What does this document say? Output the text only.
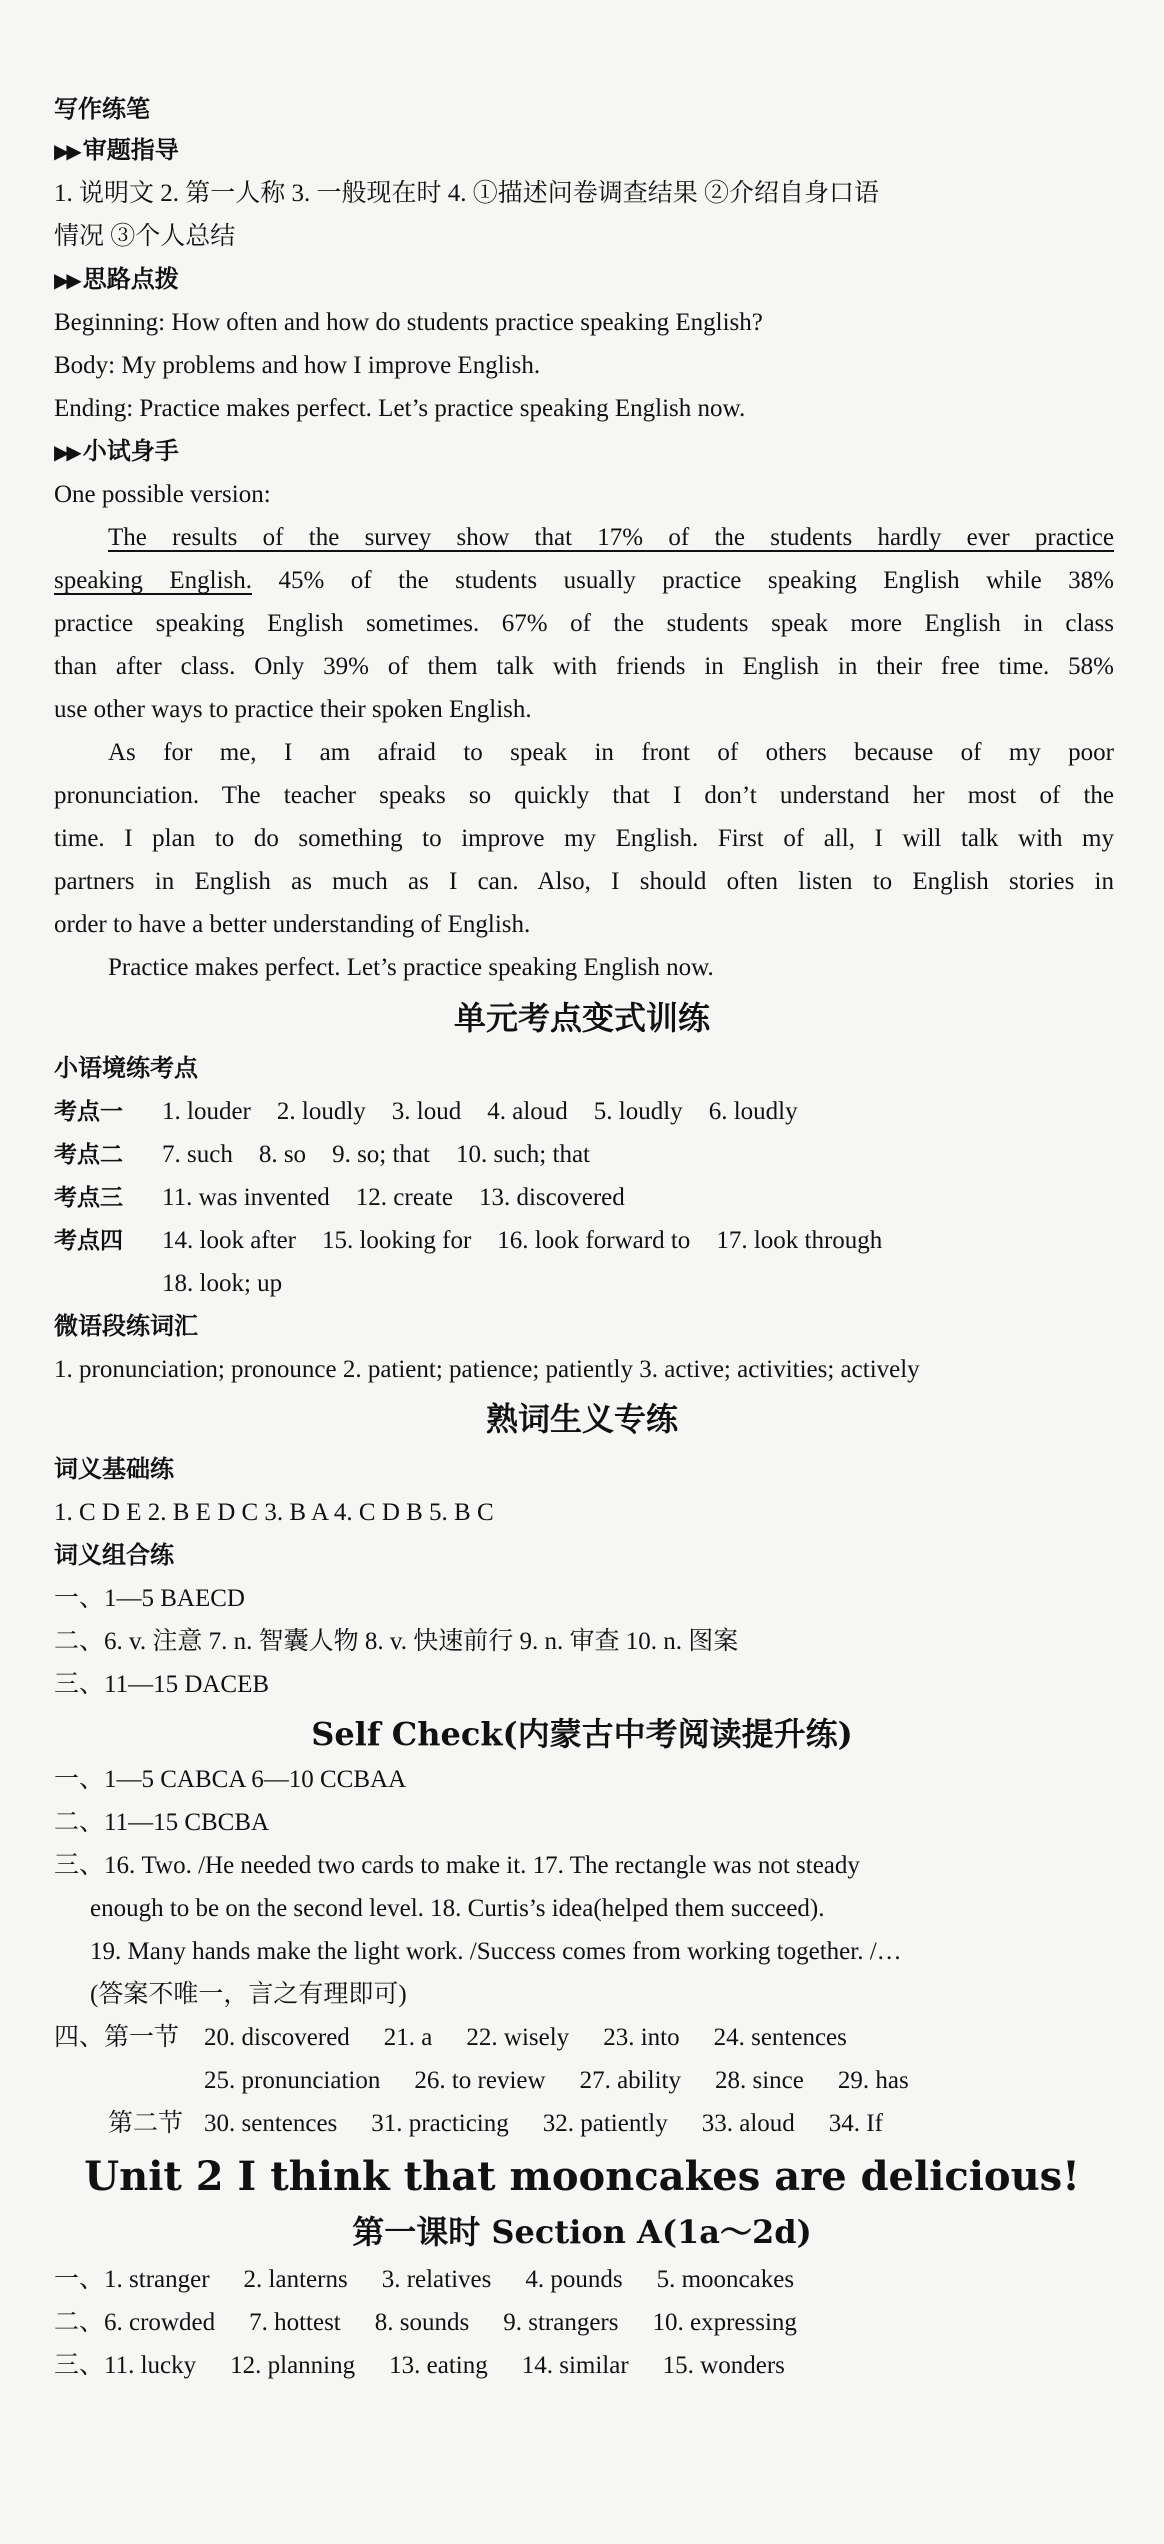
写作练笔
▶▶ 审题指导
1. 说明文 2. 第一人称 3. 一般现在时 4. ①描述问卷调查结果 ②介绍自身口语
情况 ③个人总结
▶▶ 思路点拨
Beginning: How often and how do students practice speaking English?
Body: My problems and how I improve English.
Ending: Practice makes perfect. Let’s practice speaking English now.
▶▶ 小试身手
One possible version:
The results of the survey show that 17% of the students hardly ever practice
speaking English. 45% of the students usually practice speaking English while 38%
practice speaking English sometimes. 67% of the students speak more English in class
than after class. Only 39% of them talk with friends in English in their free time. 58%
use other ways to practice their spoken English.
As for me, I am afraid to speak in front of others because of my poor
pronunciation. The teacher speaks so quickly that I don’t understand her most of the
time. I plan to do something to improve my English. First of all, I will talk with my
partners in English as much as I can. Also, I should often listen to English stories in
order to have a better understanding of English.
Practice makes perfect. Let’s practice speaking English now.
单元考点变式训练
小语境练考点
考点一 1. louder 2. loudly 3. loud 4. aloud 5. loudly 6. loudly
考点二 7. such 8. so 9. so; that 10. such; that
考点三 11. was invented 12. create 13. discovered
考点四 14. look after 15. looking for 16. look forward to 17. look through
18. look; up
微语段练词汇
1. pronunciation; pronounce 2. patient; patience; patiently 3. active; activities; actively
熟词生义专练
词义基础练
1. C D E 2. B E D C 3. B A 4. C D B 5. B C
词义组合练
一、1—5 BAECD
二、6. v. 注意 7. n. 智囊人物 8. v. 快速前行 9. n. 审查 10. n. 图案
三、11—15 DACEB
Self Check(内蒙古中考阅读提升练)
一、1—5 CABCA 6—10 CCBAA
二、11—15 CBCBA
三、16. Two. /He needed two cards to make it. 17. The rectangle was not steady
enough to be on the second level. 18. Curtis’s idea(helped them succeed).
19. Many hands make the light work. /Success comes from working together. /…
(答案不唯一，言之有理即可)
四、第一节 20. discovered 21. a 22. wisely 23. into 24. sentences
25. pronunciation 26. to review 27. ability 28. since 29. has
第二节 30. sentences 31. practicing 32. patiently 33. aloud 34. If
Unit 2 I think that mooncakes are delicious!
第一课时 Section A(1a～2d)
一、1. stranger 2. lanterns 3. relatives 4. pounds 5. mooncakes
二、6. crowded 7. hottest 8. sounds 9. strangers 10. expressing
三、11. lucky 12. planning 13. eating 14. similar 15. wonders
